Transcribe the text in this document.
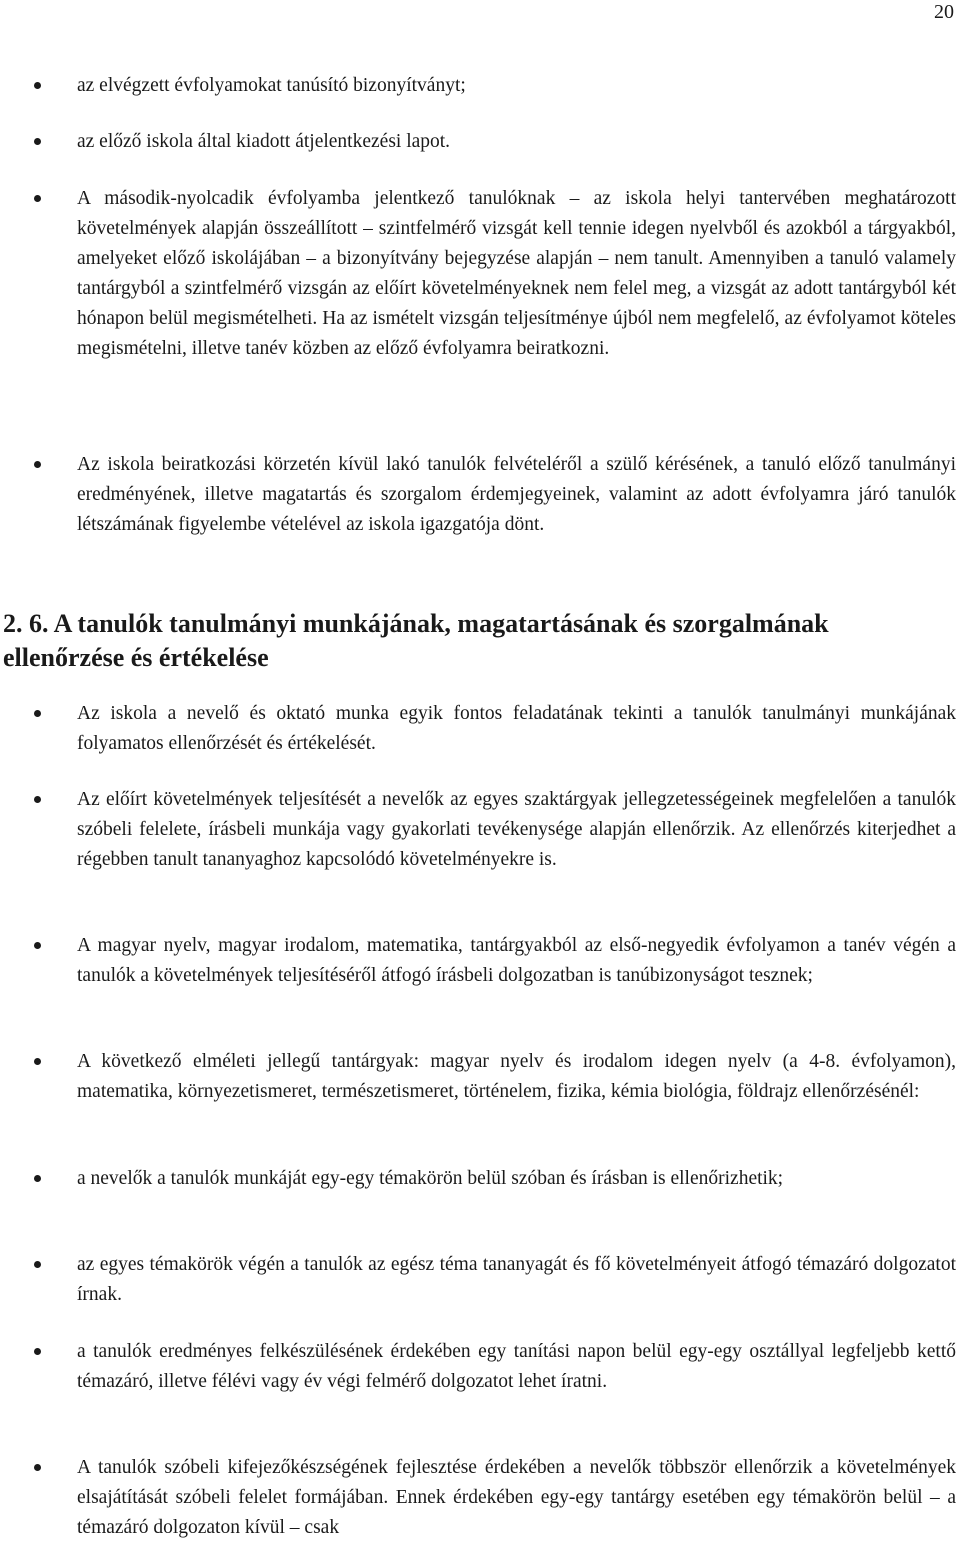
20
az elvégzett évfolyamokat tanúsító bizonyítványt;
az előző iskola által kiadott átjelentkezési lapot.
A második-nyolcadik évfolyamba jelentkező tanulóknak – az iskola helyi tantervében meghatározott követelmények alapján összeállított – szintfelmérő vizsgát kell tennie idegen nyelvből és azokból a tárgyakból, amelyeket előző iskolájában – a bizonyítvány bejegyzése alapján – nem tanult. Amennyiben a tanuló valamely tantárgyból a szintfelmérő vizsgán az előírt követelményeknek nem felel meg, a vizsgát az adott tantárgyból két hónapon belül megismételheti. Ha az ismételt vizsgán teljesítménye újból nem megfelelő, az évfolyamot köteles megismételni, illetve tanév közben az előző évfolyamra beiratkozni.
Az iskola beiratkozási körzetén kívül lakó tanulók felvételéről a szülő kérésének, a tanuló előző tanulmányi eredményének, illetve magatartás és szorgalom érdemjegyeinek, valamint az adott évfolyamra járó tanulók létszámának figyelembe vételével az iskola igazgatója dönt.
2. 6. A tanulók tanulmányi munkájának, magatartásának és szorgalmának ellenőrzése és értékelése
Az iskola a nevelő és oktató munka egyik fontos feladatának tekinti a tanulók tanulmányi munkájának folyamatos ellenőrzését és értékelését.
Az előírt követelmények teljesítését a nevelők az egyes szaktárgyak jellegzetességeinek megfelelően a tanulók szóbeli felelete, írásbeli munkája vagy gyakorlati tevékenysége alapján ellenőrzik. Az ellenőrzés kiterjedhet a régebben tanult tananyaghoz kapcsolódó követelményekre is.
A magyar nyelv, magyar irodalom, matematika, tantárgyakból az első-negyedik évfolyamon a tanév végén a tanulók a követelmények teljesítéséről átfogó írásbeli dolgozatban is tanúbizonyságot tesznek;
A következő elméleti jellegű tantárgyak: magyar nyelv és irodalom idegen nyelv (a 4-8. évfolyamon), matematika, környezetismeret, természetismeret, történelem, fizika, kémia biológia, földrajz ellenőrzésénél:
a nevelők a tanulók munkáját egy-egy témakörön belül szóban és írásban is ellenőrizhetik;
az egyes témakörök végén a tanulók az egész téma tananyagát és fő követelményeit átfogó témazáró dolgozatot írnak.
a tanulók eredményes felkészülésének érdekében egy tanítási napon belül egy-egy osztállyal legfeljebb kettő témazáró, illetve félévi vagy év végi felmérő dolgozatot lehet íratni.
A tanulók szóbeli kifejezőkészségének fejlesztése érdekében a nevelők többször ellenőrzik a követelmények elsajátítását szóbeli felelet formájában. Ennek érdekében egy-egy tantárgy esetében egy témakörön belül – a témazáró dolgozaton kívül – csak
